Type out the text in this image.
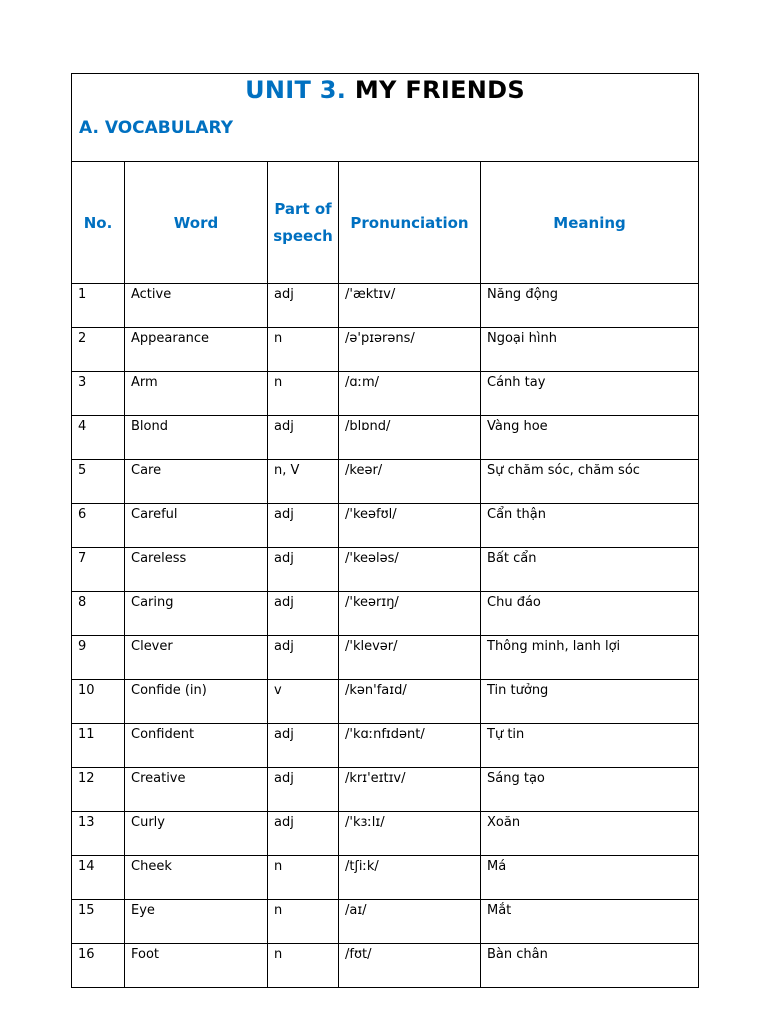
UNIT 3. MY FRIENDS
A. VOCABULARY				

No.	Word	Part of speech	Pronunciation	Meaning
1	Active	adj	/'æktɪv/	Năng động
2	Appearance	n	/ə'pɪərəns/	Ngoại hình
3	Arm	n	/ɑːm/	Cánh tay
4	Blond	adj	/blɒnd/	Vàng hoe
5	Care	n, V	/keər/	Sự chăm sóc, chăm sóc
6	Careful	adj	/'keəfʊl/	Cẩn thận
7	Careless	adj	/'keələs/	Bất cẩn
8	Caring	adj	/'keərɪŋ/	Chu đáo
9	Clever	adj	/'klevər/	Thông minh, lanh lợi
10	Confide (in)	v	/kən'faɪd/	Tin tưởng
11	Confident	adj	/'kɑːnfɪdənt/	Tự tin
12	Creative	adj	/krɪ'eɪtɪv/	Sáng tạo
13	Curly	adj	/'kɜːlɪ/	Xoăn
14	Cheek	n	/tʃiːk/	Má
15	Eye	n	/aɪ/	Mắt
16	Foot	n	/fʊt/	Bàn chân
